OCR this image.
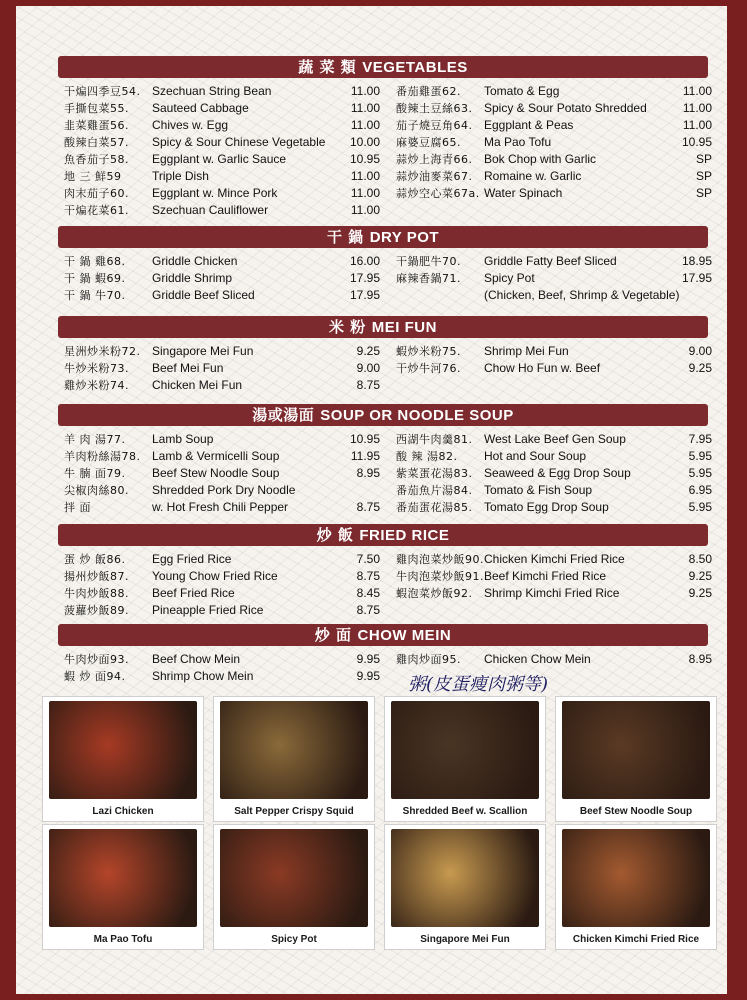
蔬 菜 類 VEGETABLES
干煸四季豆54. Szechuan String Bean	11.00
手撕包菜55.	Sauteed Cabbage	11.00
韭菜雞蛋56.	Chives w. Egg	11.00
酸辣白菜57.	Spicy & Sour Chinese Vegetable	10.00
魚香茄子58.	Eggplant w. Garlic Sauce	10.95
地 三 鮮59	Triple Dish	11.00
肉末茄子60.	Eggplant w. Mince Pork	11.00
干煸花菜61.	Szechuan Cauliflower	11.00
番茄雞蛋62.	Tomato & Egg	11.00
酸辣土豆絲63. Spicy & Sour Potato Shredded	11.00
茄子燒豆角64. Eggplant & Peas	11.00
麻婆豆腐65.	Ma Pao Tofu	10.95
蒜炒上海青66. Bok Chop with Garlic	SP
蒜炒油麥菜67. Romaine w. Garlic	SP
蒜炒空心菜67a. Water Spinach	SP
干 鍋 DRY POT
干 鍋 雞68.	Griddle Chicken	16.00
干 鍋 蝦69.	Griddle Shrimp	17.95
干 鍋 牛70.	Griddle Beef Sliced	17.95
干鍋肥牛70.	Griddle Fatty Beef Sliced	18.95
麻辣香鍋71.	Spicy Pot	17.95
(Chicken, Beef, Shrimp & Vegetable)
米 粉 MEI FUN
星洲炒米粉72. Singapore Mei Fun	9.25
牛炒米粉73.	Beef Mei Fun	9.00
雞炒米粉74.	Chicken Mei Fun	8.75
蝦炒米粉75.	Shrimp Mei Fun	9.00
干炒牛河76.	Chow Ho Fun w. Beef	9.25
湯或湯面 SOUP OR NOODLE SOUP
羊 肉 湯77.	Lamb Soup	10.95
羊肉粉絲湯78. Lamb & Vermicelli Soup	11.95
牛 腩 面79.	Beef Stew Noodle Soup	8.95
尖椒肉絲80.	Shredded Pork Dry Noodle
拌 面	w. Hot Fresh Chili Pepper	8.75
西湖牛肉羹81. West Lake Beef Gen Soup	7.95
酸 辣 湯82.	Hot and Sour Soup	5.95
紫菜蛋花湯83. Seaweed & Egg Drop Soup	5.95
番茄魚片湯84. Tomato & Fish Soup	6.95
番茄蛋花湯85. Tomato Egg Drop Soup	5.95
炒 飯 FRIED RICE
蛋 炒 飯86.	Egg Fried Rice	7.50
揚州炒飯87.	Young Chow Fried Rice	8.75
牛肉炒飯88.	Beef Fried Rice	8.45
菠蘿炒飯89.	Pineapple Fried Rice	8.75
雞肉泡菜炒飯90. Chicken Kimchi Fried Rice	8.50
牛肉泡菜炒飯91. Beef Kimchi Fried Rice	9.25
蝦泡菜炒飯92. Shrimp Kimchi Fried Rice	9.25
炒 面 CHOW MEIN
牛肉炒面93.	Beef Chow Mein	9.95
蝦 炒 面94.	Shrimp Chow Mein	9.95
雞肉炒面95.	Chicken Chow Mein	8.95
粥(皮蛋瘦肉粥等)
Lazi Chicken	Salt Pepper Crispy Squid	Shredded Beef w. Scallion	Beef Stew Noodle Soup
Ma Pao Tofu	Spicy Pot	Singapore Mei Fun	Chicken Kimchi Fried Rice
